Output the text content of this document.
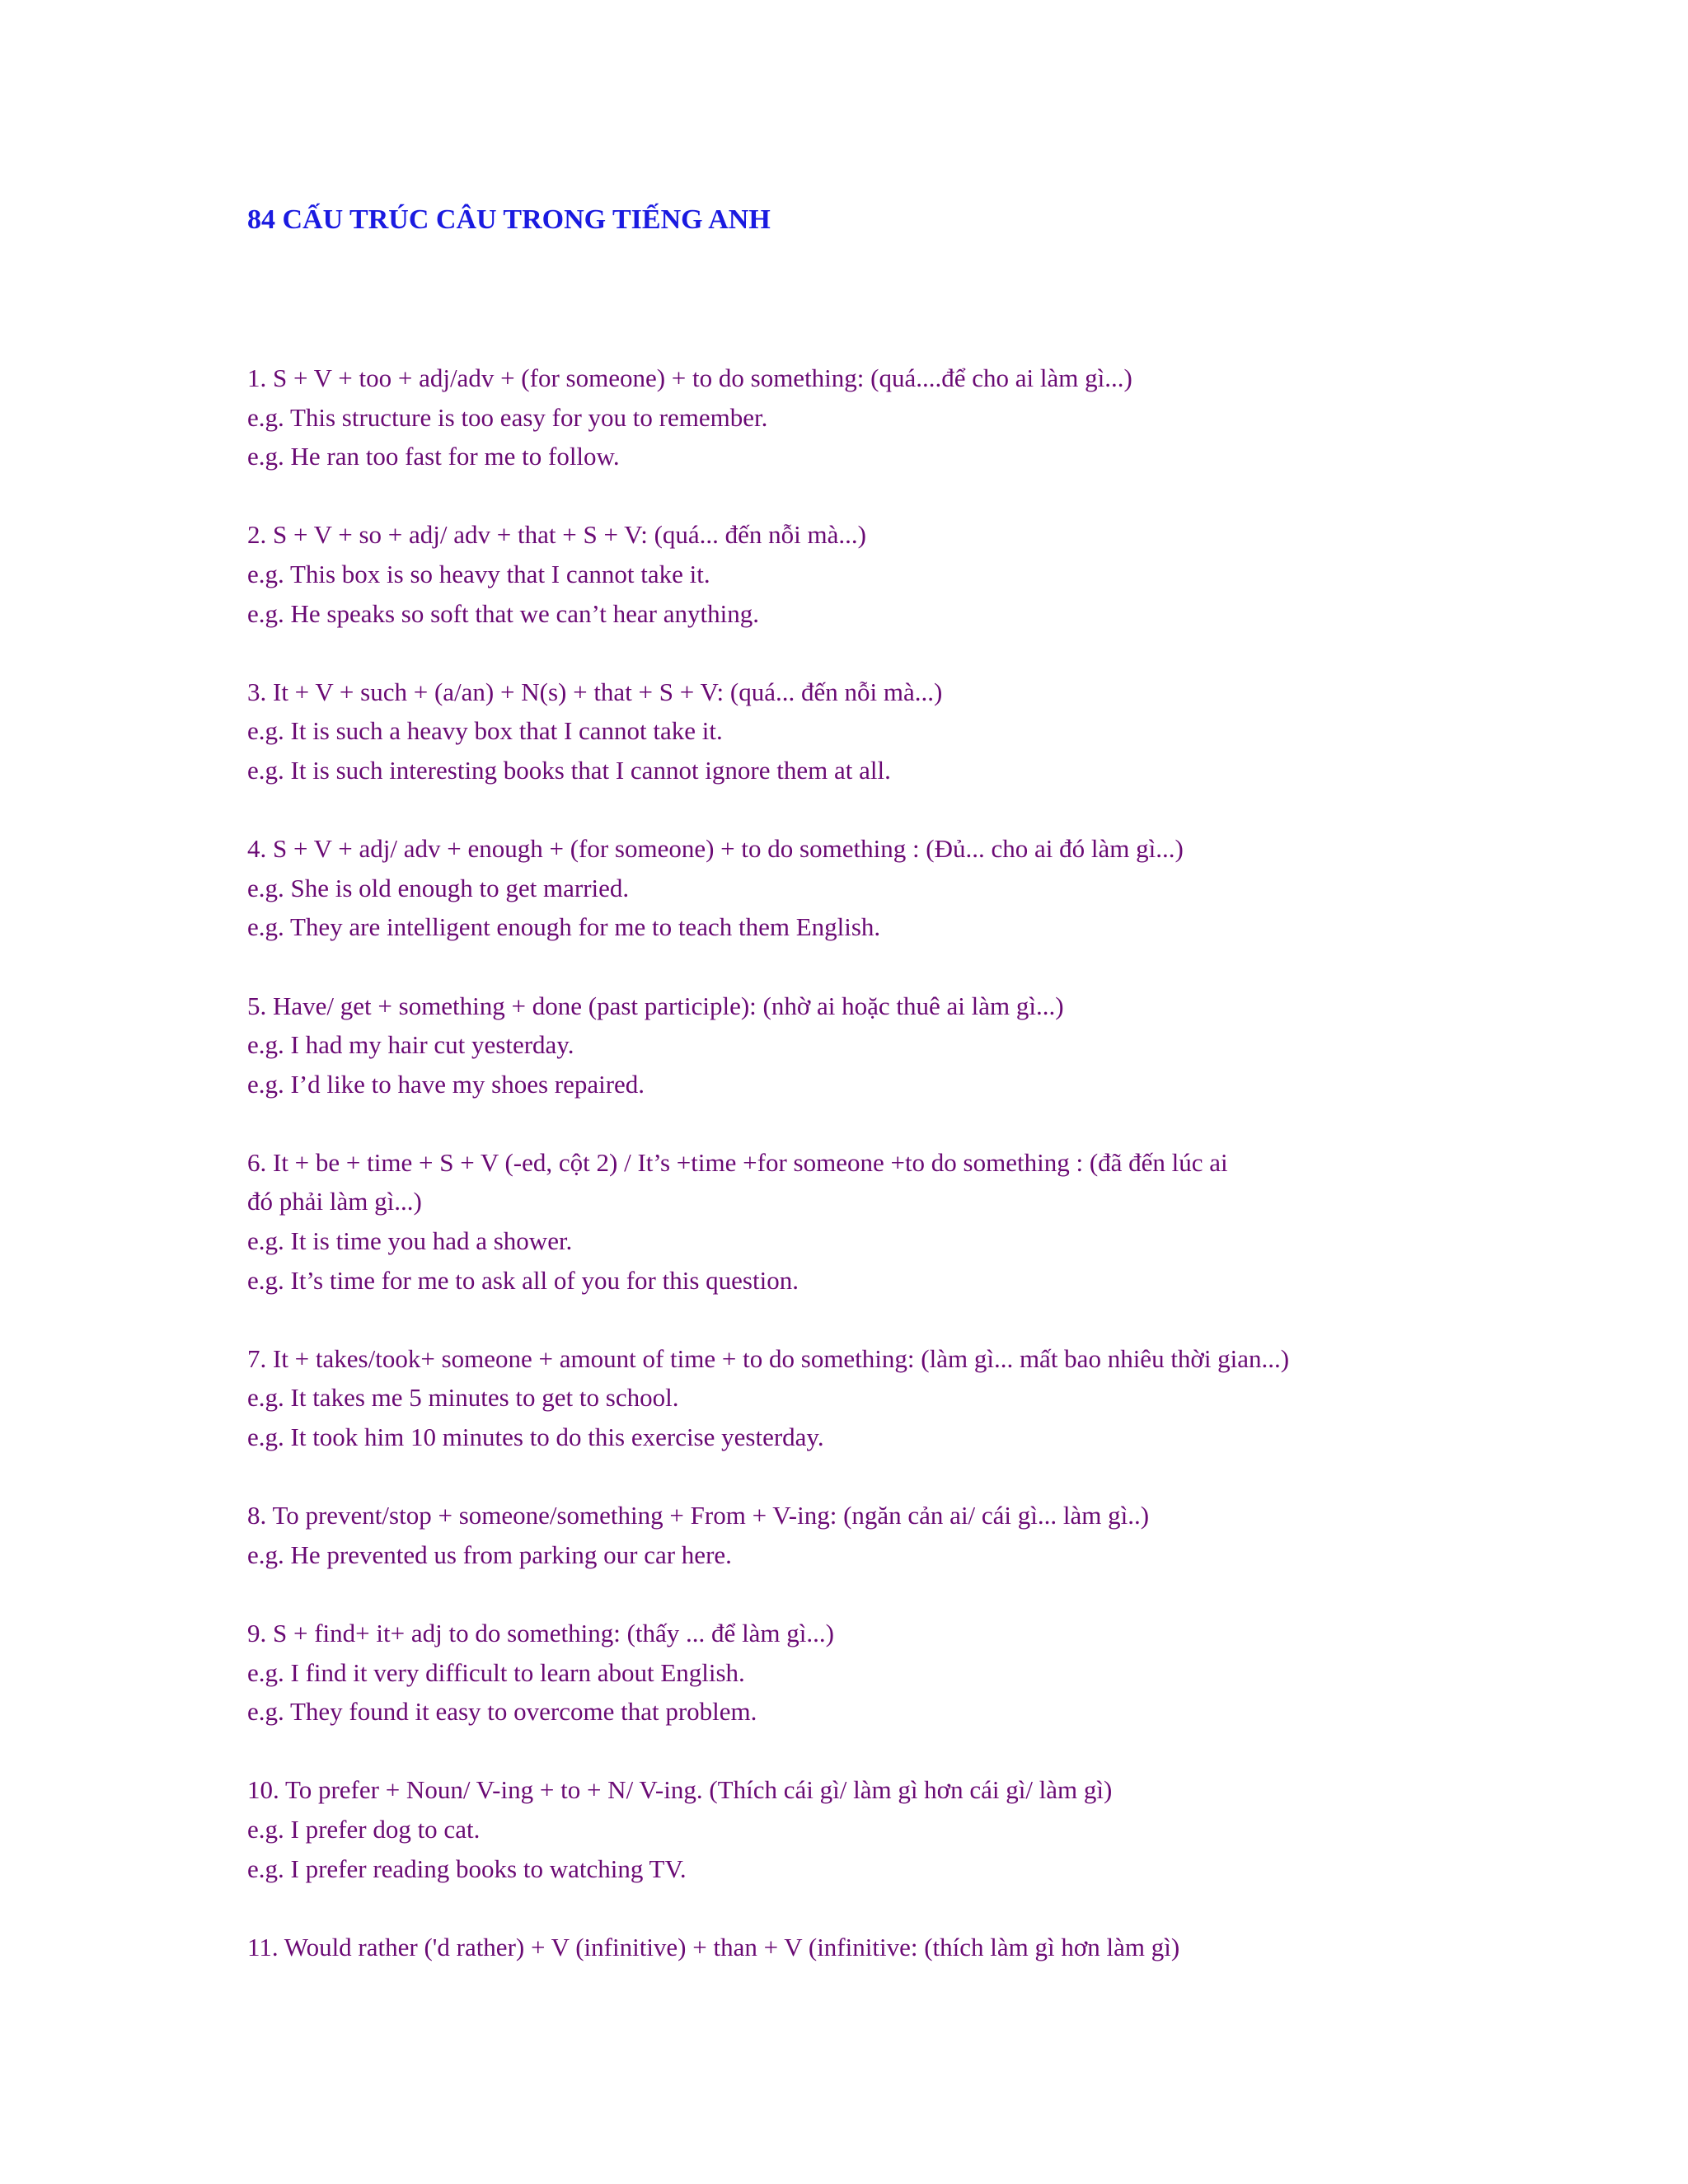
84 CẤU TRÚC CÂU TRONG TIẾNG ANH
1. S + V + too + adj/adv + (for someone) + to do something: (quá....để cho ai làm gì...)
e.g. This structure is too easy for you to remember.
e.g. He ran too fast for me to follow.
2. S + V + so + adj/ adv + that + S + V: (quá... đến nỗi mà...)
e.g. This box is so heavy that I cannot take it.
e.g. He speaks so soft that we can’t hear anything.
3. It + V + such + (a/an) + N(s) + that + S + V: (quá... đến nỗi mà...)
e.g. It is such a heavy box that I cannot take it.
e.g. It is such interesting books that I cannot ignore them at all.
4. S + V + adj/ adv + enough + (for someone) + to do something : (Đủ... cho ai đó làm gì...)
e.g. She is old enough to get married.
e.g. They are intelligent enough for me to teach them English.
5. Have/ get + something + done (past participle): (nhờ ai hoặc thuê ai làm gì...)
e.g. I had my hair cut yesterday.
e.g. I’d like to have my shoes repaired.
6. It + be + time + S + V (-ed, cột 2) / It’s +time +for someone +to do something : (đã đến lúc ai
đó phải làm gì...)
e.g. It is time you had a shower.
e.g. It’s time for me to ask all of you for this question.
7. It + takes/took+ someone + amount of time + to do something: (làm gì... mất bao nhiêu thời gian...)
e.g. It takes me 5 minutes to get to school.
e.g. It took him 10 minutes to do this exercise yesterday.
8. To prevent/stop + someone/something + From + V-ing: (ngăn cản ai/ cái gì... làm gì..)
e.g. He prevented us from parking our car here.
9. S + find+ it+ adj to do something: (thấy ... để làm gì...)
e.g. I find it very difficult to learn about English.
e.g. They found it easy to overcome that problem.
10. To prefer + Noun/ V-ing + to + N/ V-ing. (Thích cái gì/ làm gì hơn cái gì/ làm gì)
e.g. I prefer dog to cat.
e.g. I prefer reading books to watching TV.
11. Would rather ('d rather) + V (infinitive) + than + V (infinitive: (thích làm gì hơn làm gì)
